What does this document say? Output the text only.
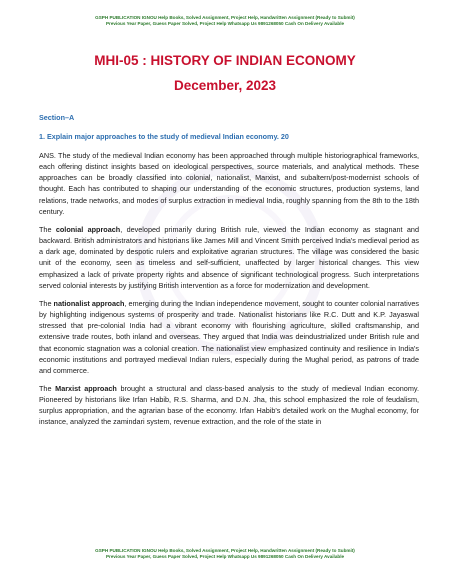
GSPH PUBLICATION IGNOU Help Books, Solved Assignment, Project Help, Handwritten Assignment (Ready to Submit)
Previous Year Paper, Guess Paper Solved, Project Help Whatsapp Us 9891268050 Cash On Delivery Available
MHI-05 : HISTORY OF INDIAN ECONOMY
December, 2023
Section–A
1. Explain major approaches to the study of medieval Indian economy. 20

ANS. The study of the medieval Indian economy has been approached through multiple historiographical frameworks, each offering distinct insights based on ideological perspectives, source materials, and analytical methods. These approaches can be broadly classified into colonial, nationalist, Marxist, and subaltern/post-modernist schools of thought. Each has contributed to shaping our understanding of the economic structures, production systems, land relations, trade networks, and modes of surplus extraction in medieval India, roughly spanning from the 8th to the 18th century.

The colonial approach, developed primarily during British rule, viewed the Indian economy as stagnant and backward. British administrators and historians like James Mill and Vincent Smith perceived India's medieval period as a dark age, dominated by despotic rulers and exploitative agrarian structures. The village was considered the basic unit of the economy, seen as timeless and self-sufficient, unaffected by larger historical changes. This view emphasized a lack of private property rights and absence of significant technological progress. Such interpretations served colonial interests by justifying British intervention as a force for modernization and development.

The nationalist approach, emerging during the Indian independence movement, sought to counter colonial narratives by highlighting indigenous systems of prosperity and trade. Nationalist historians like R.C. Dutt and K.P. Jayaswal stressed that pre-colonial India had a vibrant economy with flourishing agriculture, skilled craftsmanship, and extensive trade routes, both inland and overseas. They argued that India was deindustrialized under British rule and that economic stagnation was a colonial creation. The nationalist view emphasized continuity and resilience in India's economic institutions and portrayed medieval Indian rulers, especially during the Mughal period, as patrons of trade and commerce.

The Marxist approach brought a structural and class-based analysis to the study of medieval Indian economy. Pioneered by historians like Irfan Habib, R.S. Sharma, and D.N. Jha, this school emphasized the role of feudalism, surplus appropriation, and the agrarian base of the economy. Irfan Habib's detailed work on the Mughal economy, for instance, analyzed the zamindari system, revenue extraction, and the role of the state in

GSPH PUBLICATION IGNOU Help Books, Solved Assignment, Project Help, Handwritten Assignment (Ready to Submit)
Previous Year Paper, Guess Paper Solved, Project Help Whatsapp Us 9891268050 Cash On Delivery Available
